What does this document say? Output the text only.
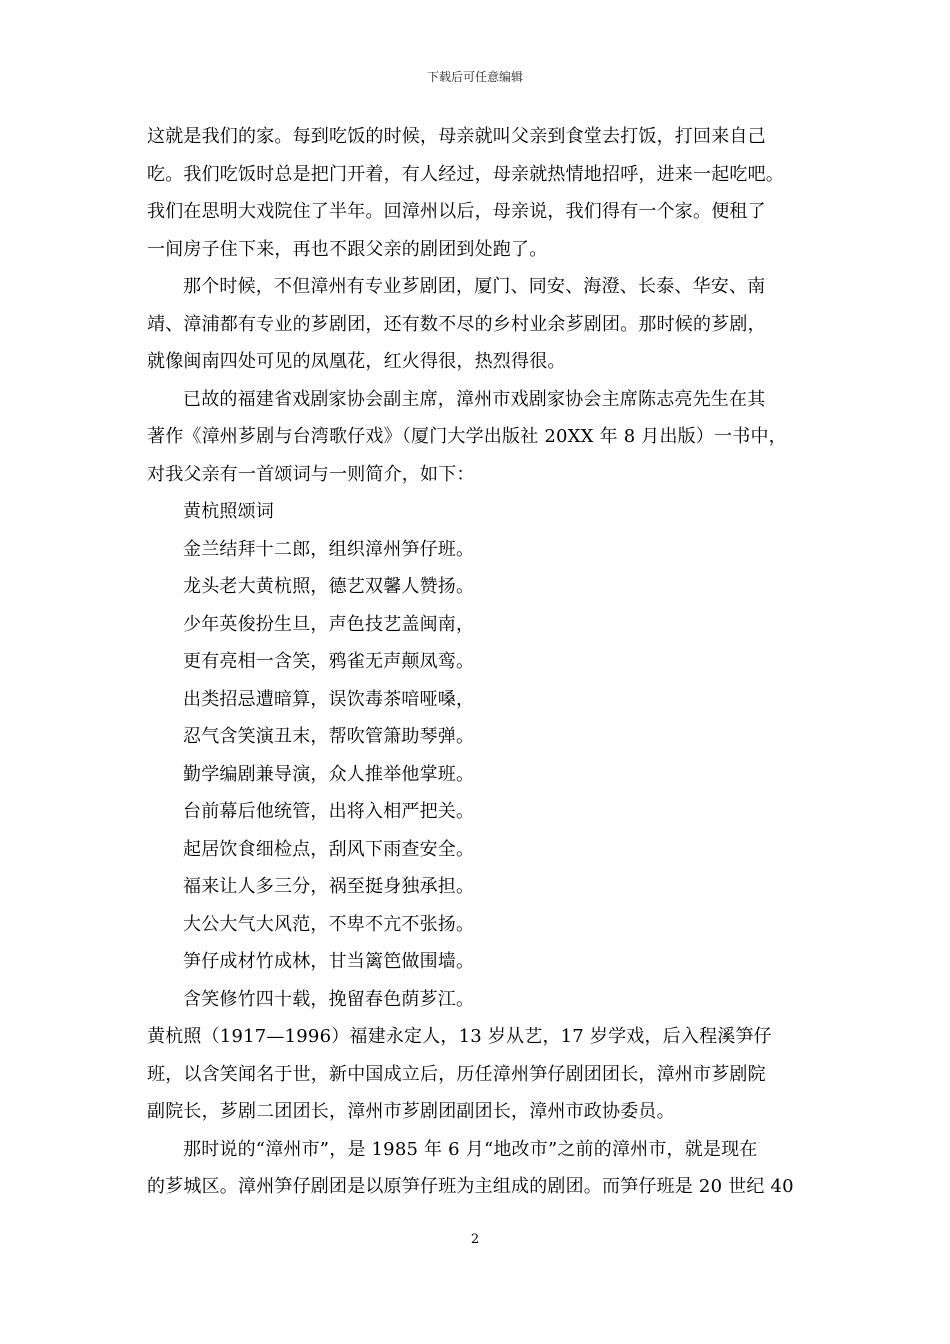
下载后可任意编辑

这就是我们的家。每到吃饭的时候，母亲就叫父亲到食堂去打饭，打回来自己
吃。我们吃饭时总是把门开着，有人经过，母亲就热情地招呼，进来一起吃吧。
我们在思明大戏院住了半年。回漳州以后，母亲说，我们得有一个家。便租了
一间房子住下来，再也不跟父亲的剧团到处跑了。

那个时候，不但漳州有专业芗剧团，厦门、同安、海澄、长泰、华安、南
靖、漳浦都有专业的芗剧团，还有数不尽的乡村业余芗剧团。那时候的芗剧，
就像闽南四处可见的凤凰花，红火得很，热烈得很。

已故的福建省戏剧家协会副主席，漳州市戏剧家协会主席陈志亮先生在其
著作《漳州芗剧与台湾歌仔戏》（厦门大学出版社 20XX 年 8 月出版）一书中，
对我父亲有一首颂词与一则简介，如下：

黄杭照颂词

金兰结拜十二郎，组织漳州笋仔班。

龙头老大黄杭照，德艺双馨人赞扬。

少年英俊扮生旦，声色技艺盖闽南，

更有亮相一含笑，鸦雀无声颠凤鸾。

出类招忌遭暗算，误饮毒茶喑哑嗓，

忍气含笑演丑末，帮吹管箫助琴弹。

勤学编剧兼导演，众人推举他掌班。

台前幕后他统管，出将入相严把关。

起居饮食细检点，刮风下雨查安全。

福来让人多三分，祸至挺身独承担。

大公大气大风范，不卑不亢不张扬。

笋仔成材竹成林，甘当篱笆做围墙。

含笑修竹四十载，挽留春色荫芗江。

黄杭照（1917—1996）福建永定人，13 岁从艺，17 岁学戏，后入程溪笋仔
班，以含笑闻名于世，新中国成立后，历任漳州笋仔剧团团长，漳州市芗剧院
副院长，芗剧二团团长，漳州市芗剧团副团长，漳州市政协委员。

那时说的“漳州市”，是 1985 年 6 月“地改市”之前的漳州市，就是现在
的芗城区。漳州笋仔剧团是以原笋仔班为主组成的剧团。而笋仔班是 20 世纪 40

2
